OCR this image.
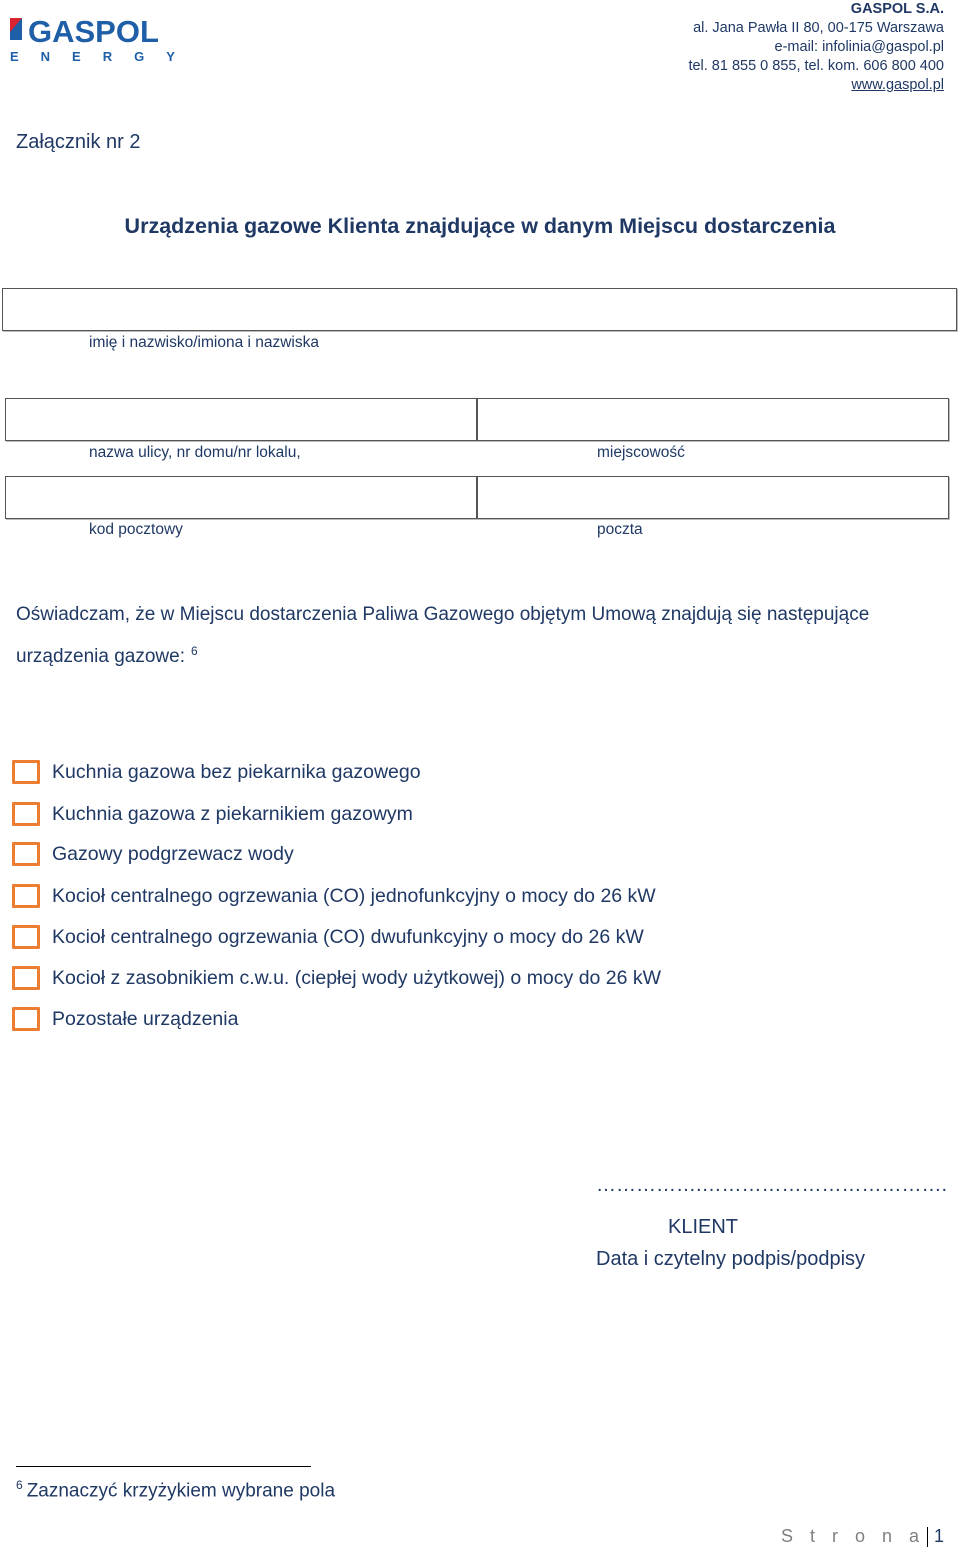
GASPOL
ENERGY
GASPOL S.A.
al. Jana Pawła II 80, 00-175 Warszawa
e-mail: infolinia@gaspol.pl
tel. 81 855 0 855, tel. kom. 606 800 400
www.gaspol.pl
Załącznik nr 2
Urządzenia gazowe Klienta znajdujące w danym Miejscu dostarczenia
imię i nazwisko/imiona i nazwiska
nazwa ulicy, nr domu/nr lokalu,	miejscowość
kod pocztowy	poczta
Oświadczam, że w Miejscu dostarczenia Paliwa Gazowego objętym Umową znajdują się następujące urządzenia gazowe: $^6$
Kuchnia gazowa bez piekarnika gazowego
Kuchnia gazowa z piekarnikiem gazowym
Gazowy podgrzewacz wody
Kocioł centralnego ogrzewania (CO) jednofunkcyjny o mocy do 26 kW
Kocioł centralnego ogrzewania (CO) dwufunkcyjny o mocy do 26 kW
Kocioł z zasobnikiem c.w.u. (ciepłej wody użytkowej) o mocy do 26 kW
Pozostałe urządzenia
…………….……………………………….
KLIENT
Data i czytelny podpis/podpisy
$^6$ Zaznaczyć krzyżykiem wybrane pola
S t r o n a 1
